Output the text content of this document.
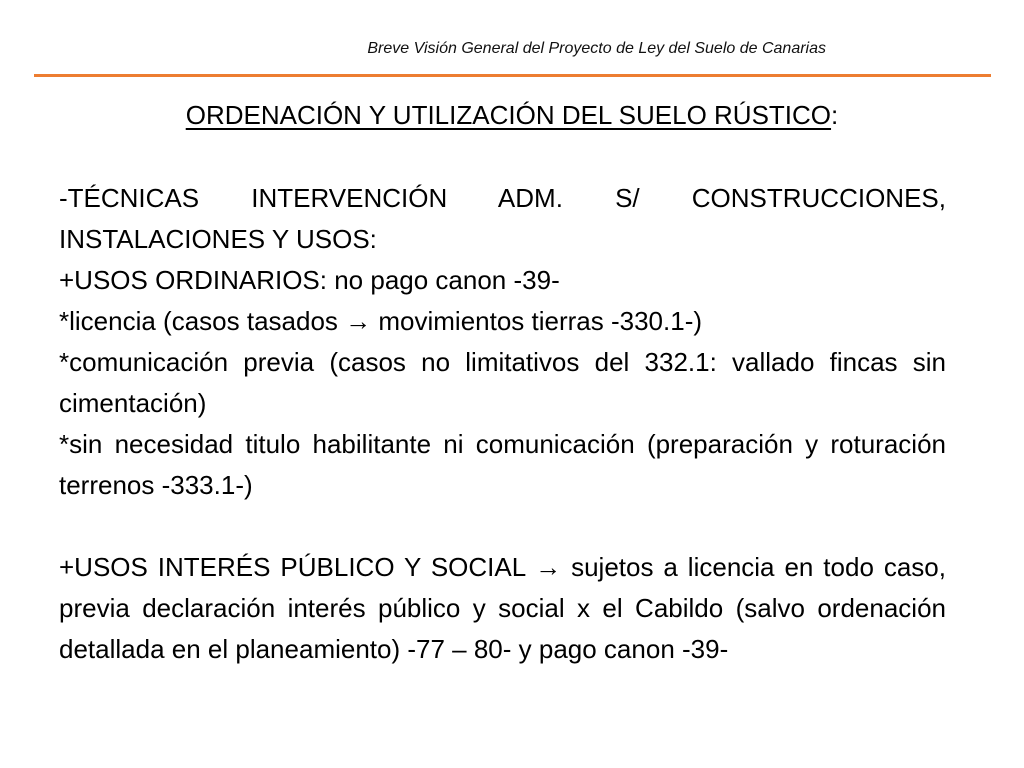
Breve Visión General del Proyecto de Ley del Suelo de Canarias
ORDENACIÓN Y UTILIZACIÓN DEL SUELO RÚSTICO:

-TÉCNICAS INTERVENCIÓN ADM. S/ CONSTRUCCIONES, INSTALACIONES Y USOS:

+USOS ORDINARIOS: no pago canon -39-

*licencia (casos tasados → movimientos tierras -330.1-)

*comunicación previa (casos no limitativos del 332.1: vallado fincas sin cimentación)

*sin necesidad titulo habilitante ni comunicación (preparación y roturación terrenos -333.1-)

+USOS INTERÉS PÚBLICO Y SOCIAL → sujetos a licencia en todo caso, previa declaración interés público y social x el Cabildo (salvo ordenación detallada en el planeamiento) -77 – 80- y pago canon -39-
